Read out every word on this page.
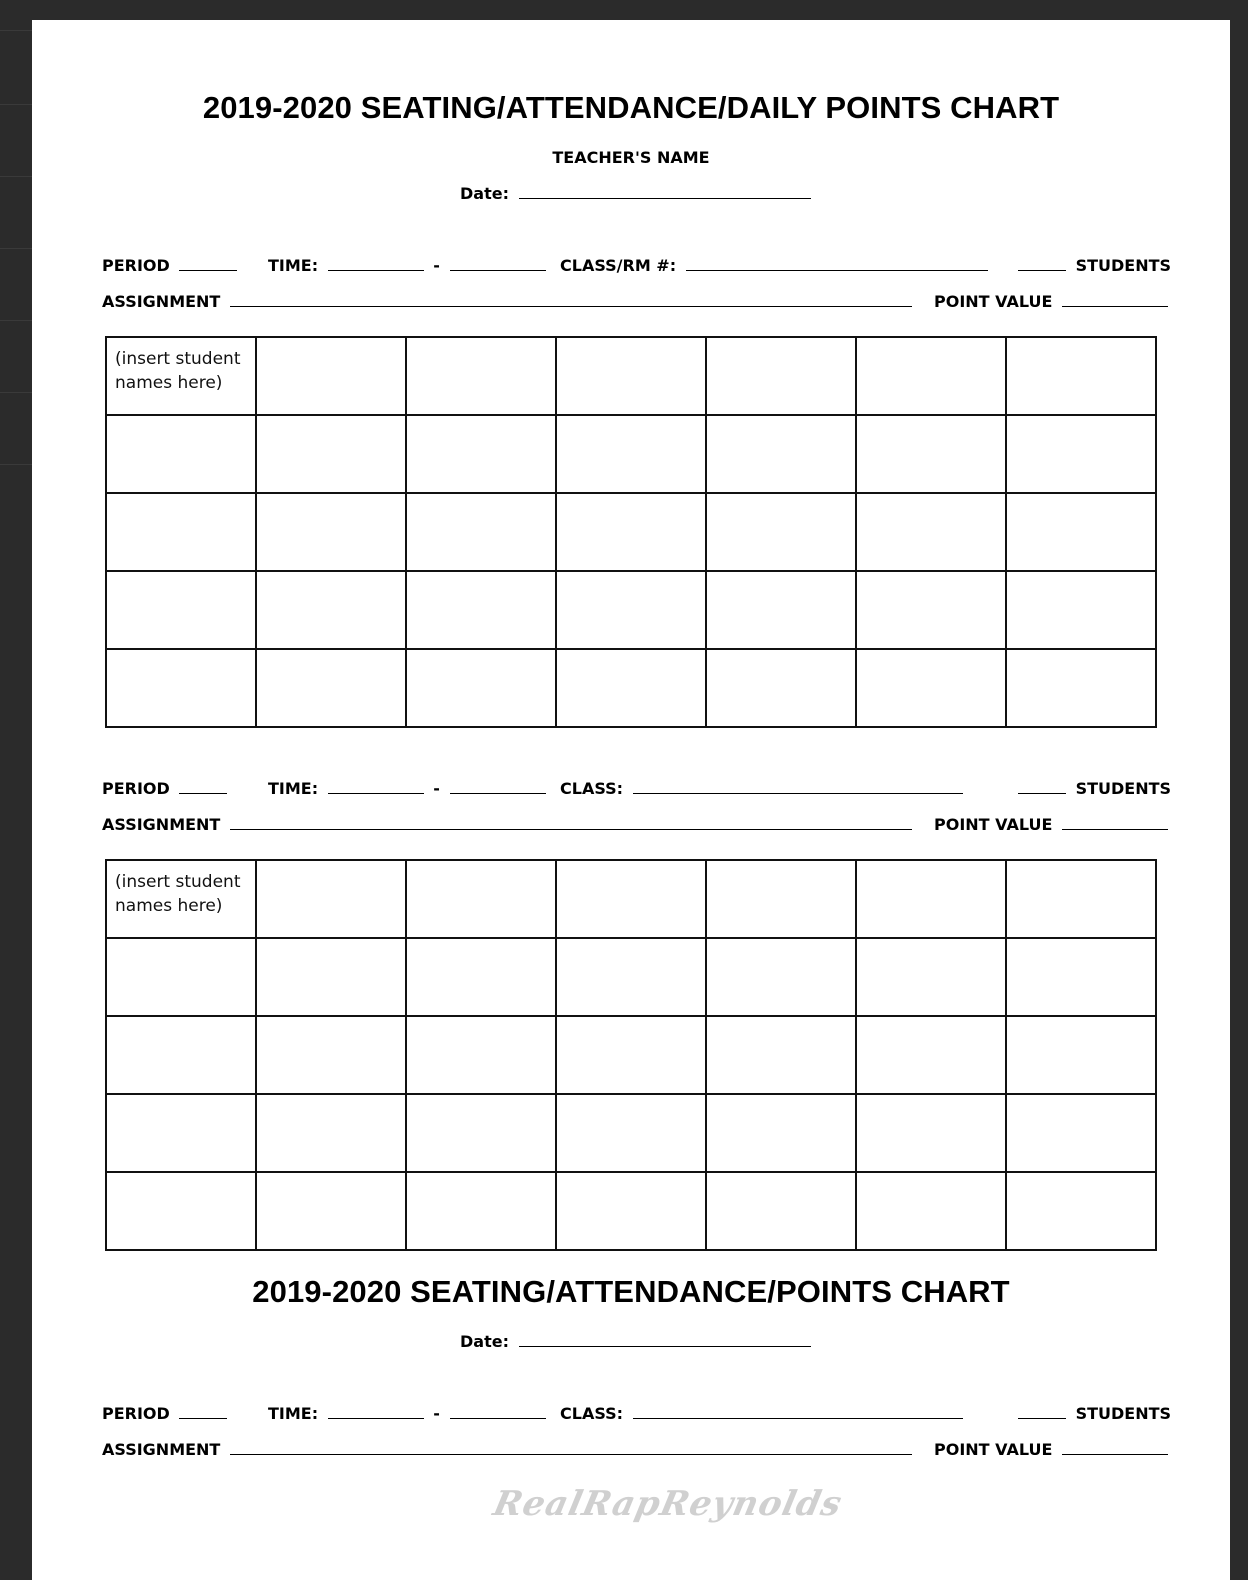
2019-2020 SEATING/ATTENDANCE/DAILY POINTS CHART
TEACHER'S NAME
Date:
PERIOD	TIME:	-	CLASS/RM #:	STUDENTS
ASSIGNMENT	POINT VALUE
(insert student
names here)						

PERIOD	TIME:	-	CLASS:	STUDENTS
ASSIGNMENT	POINT VALUE
(insert student
names here)						

2019-2020 SEATING/ATTENDANCE/POINTS CHART
Date:
PERIOD	TIME:	-	CLASS:	STUDENTS
ASSIGNMENT	POINT VALUE
RealRapReynolds
